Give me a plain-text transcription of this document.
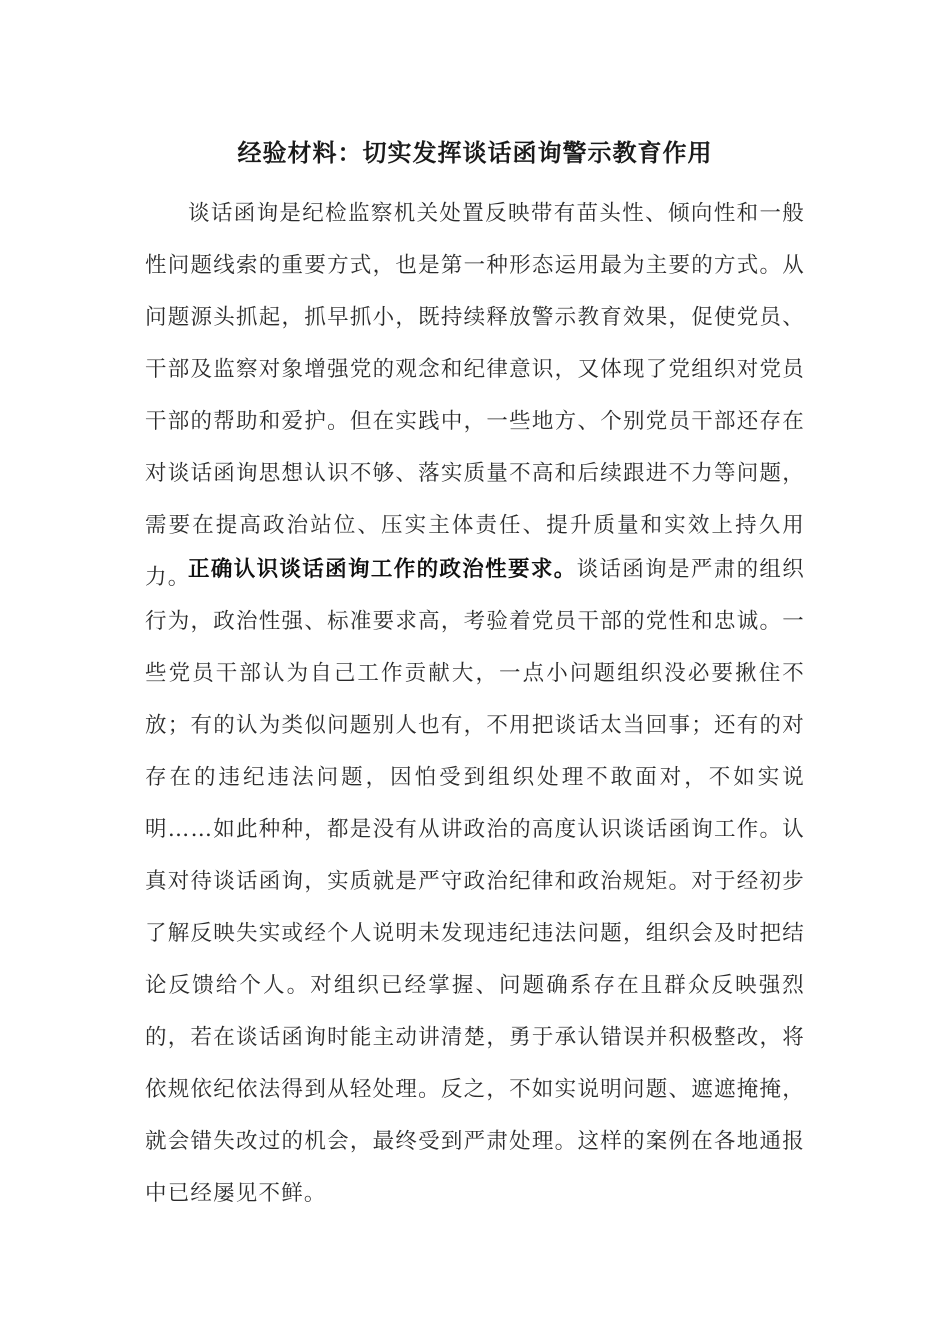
经验材料：切实发挥谈话函询警示教育作用

谈话函询是纪检监察机关处置反映带有苗头性、倾向性和一般性问题线索的重要方式，也是第一种形态运用最为主要的方式。从问题源头抓起，抓早抓小，既持续释放警示教育效果，促使党员、干部及监察对象增强党的观念和纪律意识，又体现了党组织对党员干部的帮助和爱护。但在实践中，一些地方、个别党员干部还存在对谈话函询思想认识不够、落实质量不高和后续跟进不力等问题，需要在提高政治站位、压实主体责任、提升质量和实效上持久用力。

正确认识谈话函询工作的政治性要求。谈话函询是严肃的组织行为，政治性强、标准要求高，考验着党员干部的党性和忠诚。一些党员干部认为自己工作贡献大，一点小问题组织没必要揪住不放；有的认为类似问题别人也有，不用把谈话太当回事；还有的对存在的违纪违法问题，因怕受到组织处理不敢面对，不如实说明……如此种种，都是没有从讲政治的高度认识谈话函询工作。认真对待谈话函询，实质就是严守政治纪律和政治规矩。对于经初步了解反映失实或经个人说明未发现违纪违法问题，组织会及时把结论反馈给个人。对组织已经掌握、问题确系存在且群众反映强烈的，若在谈话函询时能主动讲清楚，勇于承认错误并积极整改，将依规依纪依法得到从轻处理。反之，不如实说明问题、遮遮掩掩，就会错失改过的机会，最终受到严肃处理。这样的案例在各地通报中已经屡见不鲜。
